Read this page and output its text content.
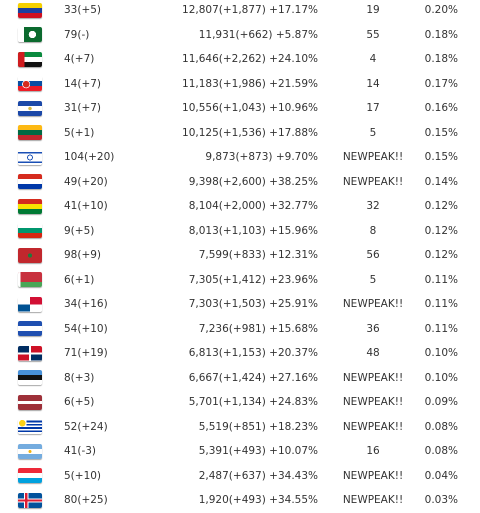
33(+5)	12,807(+1,877) +17.17%	19	0.20%
79(-)	11,931(+662) +5.87%	55	0.18%
4(+7)	11,646(+2,262) +24.10%	4	0.18%
14(+7)	11,183(+1,986) +21.59%	14	0.17%
31(+7)	10,556(+1,043) +10.96%	17	0.16%
5(+1)	10,125(+1,536) +17.88%	5	0.15%
104(+20)	9,873(+873) +9.70%	NEWPEAK!!	0.15%
49(+20)	9,398(+2,600) +38.25%	NEWPEAK!!	0.14%
41(+10)	8,104(+2,000) +32.77%	32	0.12%
9(+5)	8,013(+1,103) +15.96%	8	0.12%
98(+9)	7,599(+833) +12.31%	56	0.12%
6(+1)	7,305(+1,412) +23.96%	5	0.11%
34(+16)	7,303(+1,503) +25.91%	NEWPEAK!!	0.11%
54(+10)	7,236(+981) +15.68%	36	0.11%
71(+19)	6,813(+1,153) +20.37%	48	0.10%
8(+3)	6,667(+1,424) +27.16%	NEWPEAK!!	0.10%
6(+5)	5,701(+1,134) +24.83%	NEWPEAK!!	0.09%
52(+24)	5,519(+851) +18.23%	NEWPEAK!!	0.08%
41(-3)	5,391(+493) +10.07%	16	0.08%
5(+10)	2,487(+637) +34.43%	NEWPEAK!!	0.04%
80(+25)	1,920(+493) +34.55%	NEWPEAK!!	0.03%
